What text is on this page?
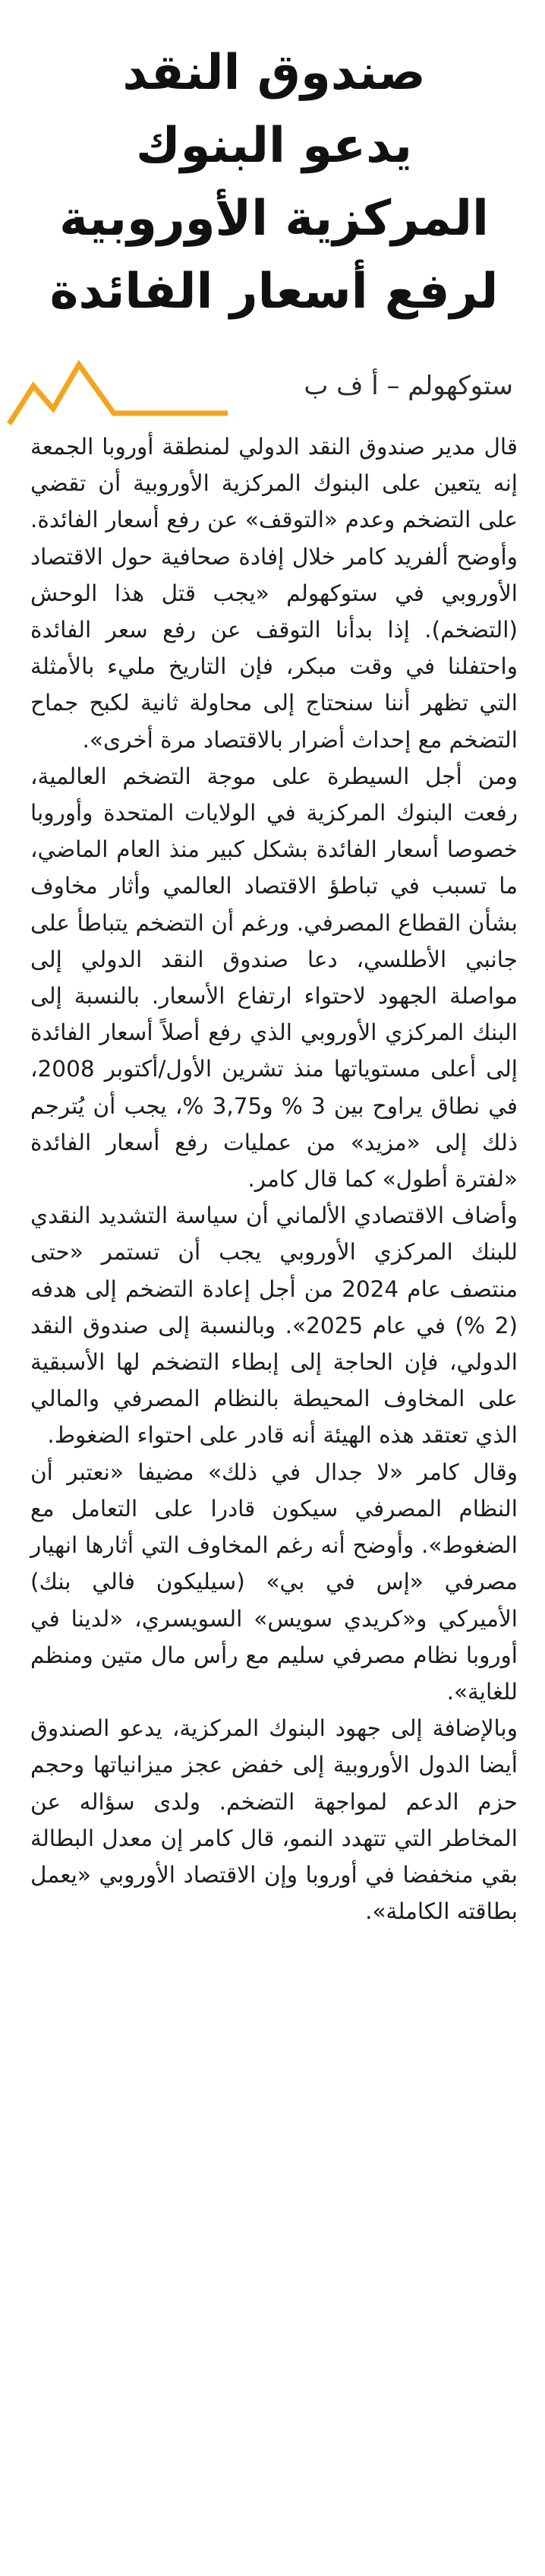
صندوق النقد
يدعو البنوك
المركزية الأوروبية
لرفع أسعار الفائدة
ستوكهولم – أ ف ب

قال مدير صندوق النقد الدولي لمنطقة أوروبا الجمعة إنه يتعين على البنوك المركزية الأوروبية أن تقضي على التضخم وعدم «التوقف» عن رفع أسعار الفائدة. وأوضح ألفريد كامر خلال إفادة صحافية حول الاقتصاد الأوروبي في ستوكهولم «يجب قتل هذا الوحش (التضخم). إذا بدأنا التوقف عن رفع سعر الفائدة واحتفلنا في وقت مبكر، فإن التاريخ مليء بالأمثلة التي تظهر أننا سنحتاج إلى محاولة ثانية لكبح جماح التضخم مع إحداث أضرار بالاقتصاد مرة أخرى».

ومن أجل السيطرة على موجة التضخم العالمية، رفعت البنوك المركزية في الولايات المتحدة وأوروبا خصوصا أسعار الفائدة بشكل كبير منذ العام الماضي، ما تسبب في تباطؤ الاقتصاد العالمي وأثار مخاوف بشأن القطاع المصرفي. ورغم أن التضخم يتباطأ على جانبي الأطلسي، دعا صندوق النقد الدولي إلى مواصلة الجهود لاحتواء ارتفاع الأسعار. بالنسبة إلى البنك المركزي الأوروبي الذي رفع أصلاً أسعار الفائدة إلى أعلى مستوياتها منذ تشرين الأول/أكتوبر 2008، في نطاق يراوح بين 3 % و3,75 %، يجب أن يُترجم ذلك إلى «مزيد» من عمليات رفع أسعار الفائدة «لفترة أطول» كما قال كامر.

وأضاف الاقتصادي الألماني أن سياسة التشديد النقدي للبنك المركزي الأوروبي يجب أن تستمر «حتى منتصف عام 2024 من أجل إعادة التضخم إلى هدفه (2 %) في عام 2025». وبالنسبة إلى صندوق النقد الدولي، فإن الحاجة إلى إبطاء التضخم لها الأسبقية على المخاوف المحيطة بالنظام المصرفي والمالي الذي تعتقد هذه الهيئة أنه قادر على احتواء الضغوط.

وقال كامر «لا جدال في ذلك» مضيفا «نعتبر أن النظام المصرفي سيكون قادرا على التعامل مع الضغوط». وأوضح أنه رغم المخاوف التي أثارها انهيار مصرفي «إس في بي» (سيليكون فالي بنك) الأميركي و«كريدي سويس» السويسري، «لدينا في أوروبا نظام مصرفي سليم مع رأس مال متين ومنظم للغاية».

وبالإضافة إلى جهود البنوك المركزية، يدعو الصندوق أيضا الدول الأوروبية إلى خفض عجز ميزانياتها وحجم حزم الدعم لمواجهة التضخم. ولدى سؤاله عن المخاطر التي تتهدد النمو، قال كامر إن معدل البطالة بقي منخفضا في أوروبا وإن الاقتصاد الأوروبي «يعمل بطاقته الكاملة».
